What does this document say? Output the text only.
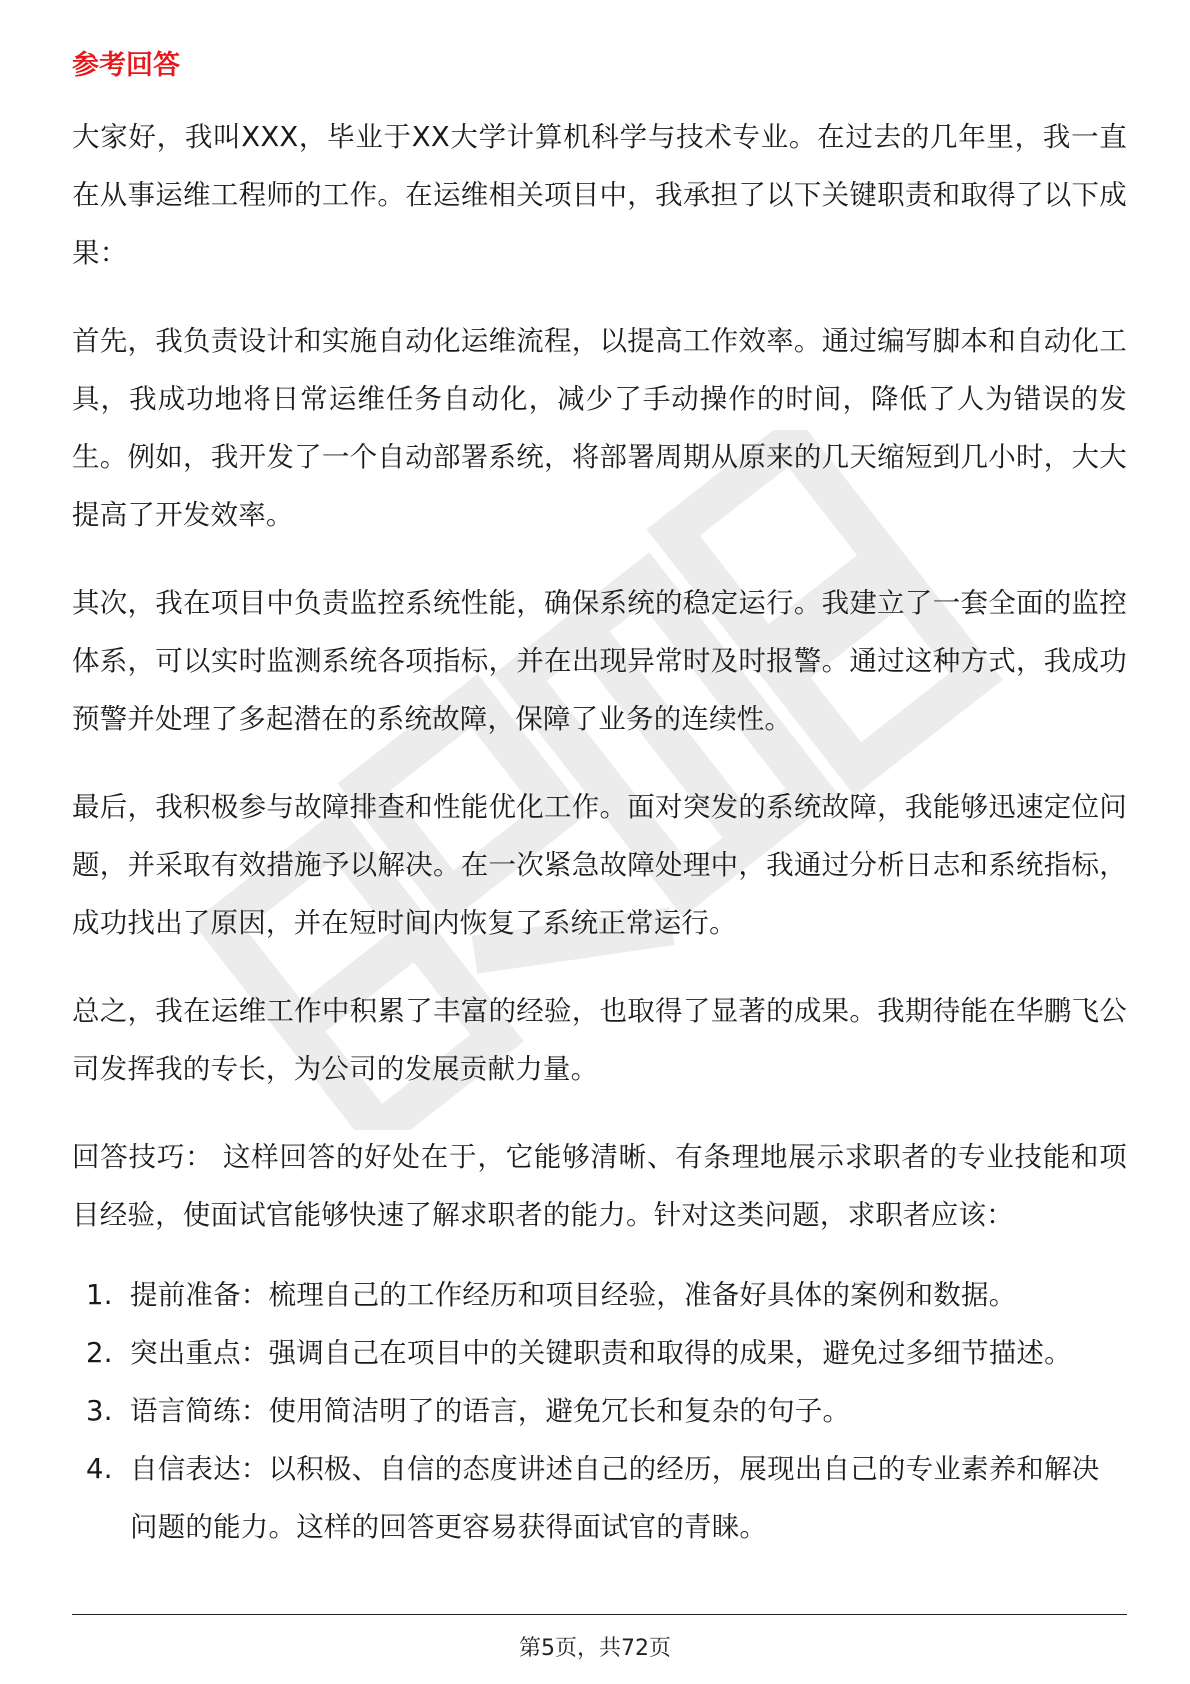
参考回答

大家好，我叫XXX，毕业于XX大学计算机科学与技术专业。在过去的几年里，我一直在从事运维工程师的工作。在运维相关项目中，我承担了以下关键职责和取得了以下成果：

首先，我负责设计和实施自动化运维流程，以提高工作效率。通过编写脚本和自动化工具，我成功地将日常运维任务自动化，减少了手动操作的时间，降低了人为错误的发生。例如，我开发了一个自动部署系统，将部署周期从原来的几天缩短到几小时，大大提高了开发效率。

其次，我在项目中负责监控系统性能，确保系统的稳定运行。我建立了一套全面的监控体系，可以实时监测系统各项指标，并在出现异常时及时报警。通过这种方式，我成功预警并处理了多起潜在的系统故障，保障了业务的连续性。

最后，我积极参与故障排查和性能优化工作。面对突发的系统故障，我能够迅速定位问题，并采取有效措施予以解决。在一次紧急故障处理中，我通过分析日志和系统指标，成功找出了原因，并在短时间内恢复了系统正常运行。

总之，我在运维工作中积累了丰富的经验，也取得了显著的成果。我期待能在华鹏飞公司发挥我的专长，为公司的发展贡献力量。

回答技巧： 这样回答的好处在于，它能够清晰、有条理地展示求职者的专业技能和项目经验，使面试官能够快速了解求职者的能力。针对这类问题，求职者应该：

1. 提前准备：梳理自己的工作经历和项目经验，准备好具体的案例和数据。
2. 突出重点：强调自己在项目中的关键职责和取得的成果，避免过多细节描述。
3. 语言简练：使用简洁明了的语言，避免冗长和复杂的句子。
4. 自信表达：以积极、自信的态度讲述自己的经历，展现出自己的专业素养和解决问题的能力。这样的回答更容易获得面试官的青睐。
第5页，共72页
